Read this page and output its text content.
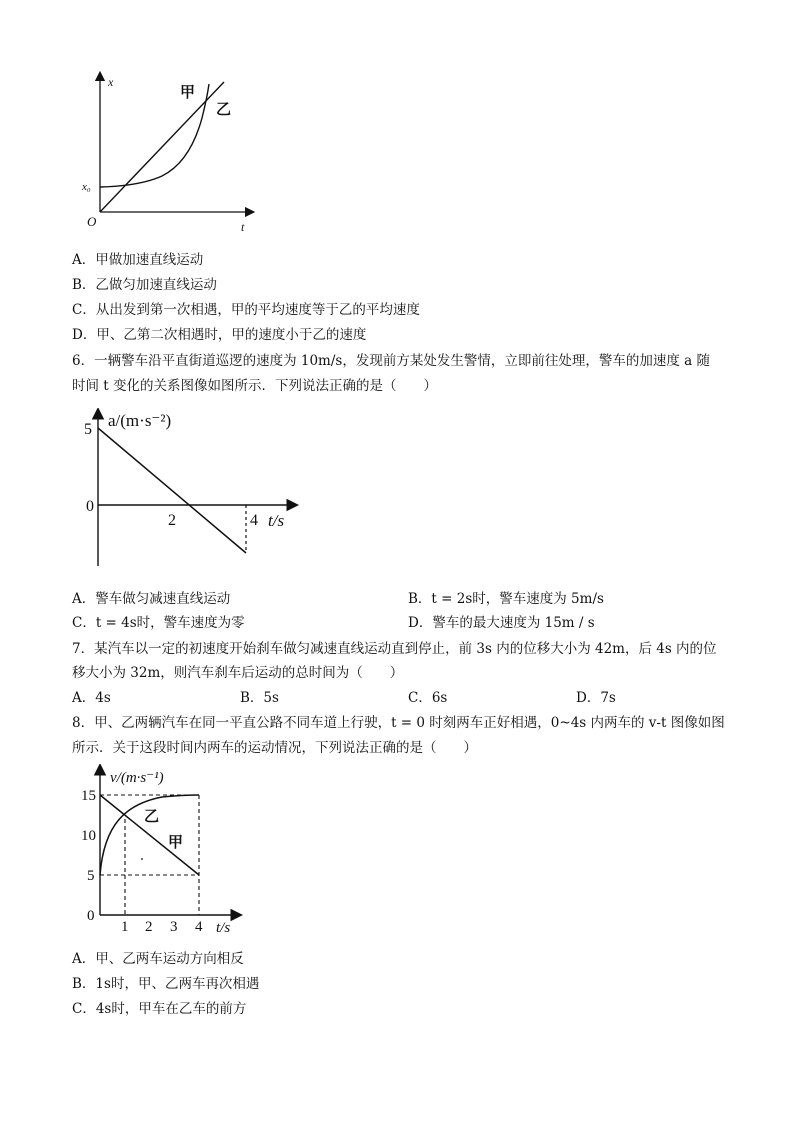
x
t
O
x₀
甲
乙
A．甲做加速直线运动
B．乙做匀加速直线运动
C．从出发到第一次相遇，甲的平均速度等于乙的平均速度
D．甲、乙第二次相遇时，甲的速度小于乙的速度
6．一辆警车沿平直街道巡逻的速度为 10m/s，发现前方某处发生警情，立即前往处理，警车的加速度 a 随
时间 t 变化的关系图像如图所示．下列说法正确的是（　　）
a/(m·s⁻²)
t/s
5
0
2	4
A．警车做匀减速直线运动	B．t = 2s时，警车速度为 5m/s
C．t = 4s时，警车速度为零	D．警车的最大速度为 15m / s
7．某汽车以一定的初速度开始刹车做匀减速直线运动直到停止，前 3s 内的位移大小为 42m，后 4s 内的位
移大小为 32m，则汽车刹车后运动的总时间为（　　）
A．4s	B．5s	C．6s	D．7s
8．甲、乙两辆汽车在同一平直公路不同车道上行驶，t = 0 时刻两车正好相遇，0~4s 内两车的 v-t 图像如图
所示．关于这段时间内两车的运动情况，下列说法正确的是（　　）
v/(m·s⁻¹)
t/s
15
10
5
0
1 2 3 4
乙
甲
A．甲、乙两车运动方向相反
B．1s时，甲、乙两车再次相遇
C．4s时，甲车在乙车的前方
